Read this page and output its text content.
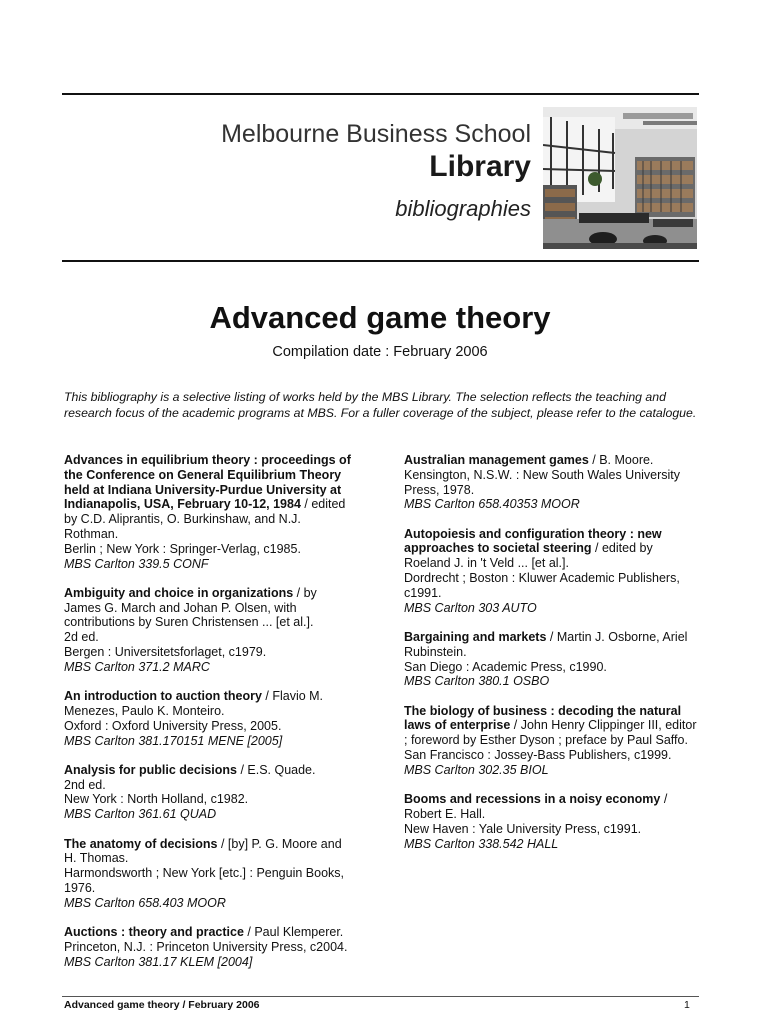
Melbourne Business School
Library
bibliographies
Advanced game theory
Compilation date : February 2006
This bibliography is a selective listing of works held by the MBS Library. The selection reflects the teaching and research focus of the academic programs at MBS. For a fuller coverage of the subject, please refer to the catalogue.
Advances in equilibrium theory : proceedings of the Conference on General Equilibrium Theory held at Indiana University-Purdue University at Indianapolis, USA, February 10-12, 1984 / edited by C.D. Aliprantis, O. Burkinshaw, and N.J. Rothman.
Berlin ; New York : Springer-Verlag, c1985.
MBS Carlton 339.5 CONF
Ambiguity and choice in organizations / by James G. March and Johan P. Olsen, with contributions by Suren Christensen ... [et al.].
2d ed.
Bergen : Universitetsforlaget, c1979.
MBS Carlton 371.2 MARC
An introduction to auction theory / Flavio M. Menezes, Paulo K. Monteiro.
Oxford : Oxford University Press, 2005.
MBS Carlton 381.170151 MENE [2005]
Analysis for public decisions / E.S. Quade.
2nd ed.
New York : North Holland, c1982.
MBS Carlton 361.61 QUAD
The anatomy of decisions / [by] P. G. Moore and H. Thomas.
Harmondsworth ; New York [etc.] : Penguin Books, 1976.
MBS Carlton 658.403 MOOR
Auctions : theory and practice / Paul Klemperer.
Princeton, N.J. : Princeton University Press, c2004.
MBS Carlton 381.17 KLEM [2004]
Australian management games / B. Moore.
Kensington, N.S.W. : New South Wales University Press, 1978.
MBS Carlton 658.40353 MOOR
Autopoiesis and configuration theory : new approaches to societal steering / edited by Roeland J. in 't Veld ... [et al.].
Dordrecht ; Boston : Kluwer Academic Publishers, c1991.
MBS Carlton 303 AUTO
Bargaining and markets / Martin J. Osborne, Ariel Rubinstein.
San Diego : Academic Press, c1990.
MBS Carlton 380.1 OSBO
The biology of business : decoding the natural laws of enterprise / John Henry Clippinger III, editor ; foreword by Esther Dyson ; preface by Paul Saffo.
San Francisco : Jossey-Bass Publishers, c1999.
MBS Carlton 302.35 BIOL
Booms and recessions in a noisy economy / Robert E. Hall.
New Haven : Yale University Press, c1991.
MBS Carlton 338.542 HALL
Advanced game theory / February 2006	1
